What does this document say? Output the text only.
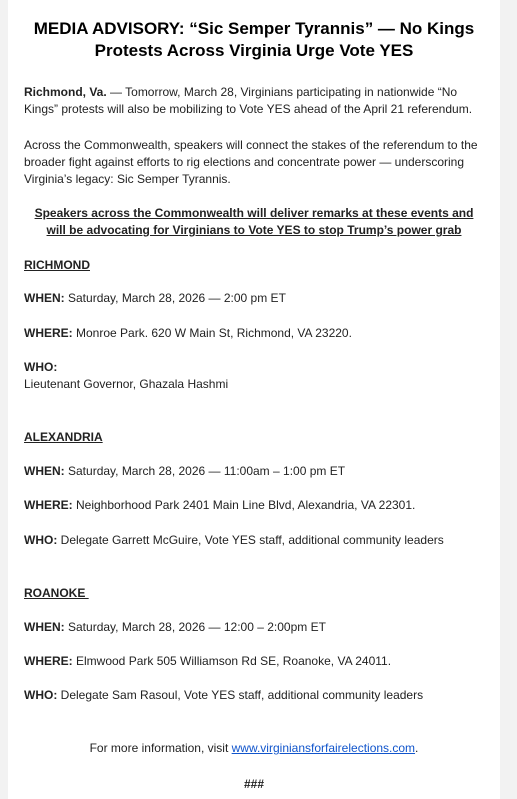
MEDIA ADVISORY: “Sic Semper Tyrannis” — No Kings Protests Across Virginia Urge Vote YES

Richmond, Va. — Tomorrow, March 28, Virginians participating in nationwide “No Kings” protests will also be mobilizing to Vote YES ahead of the April 21 referendum.

Across the Commonwealth, speakers will connect the stakes of the referendum to the broader fight against efforts to rig elections and concentrate power — underscoring Virginia’s legacy: Sic Semper Tyrannis.

Speakers across the Commonwealth will deliver remarks at these events and will be advocating for Virginians to Vote YES to stop Trump’s power grab

RICHMOND

WHEN: Saturday, March 28, 2026 — 2:00 pm ET

WHERE: Monroe Park. 620 W Main St, Richmond, VA 23220.

WHO:

Lieutenant Governor, Ghazala Hashmi

ALEXANDRIA

WHEN: Saturday, March 28, 2026 — 11:00am – 1:00 pm ET

WHERE: Neighborhood Park 2401 Main Line Blvd, Alexandria, VA 22301.

WHO: Delegate Garrett McGuire, Vote YES staff, additional community leaders

ROANOKE

WHEN: Saturday, March 28, 2026 — 12:00 – 2:00pm ET

WHERE: Elmwood Park 505 Williamson Rd SE, Roanoke, VA 24011.

WHO: Delegate Sam Rasoul, Vote YES staff, additional community leaders

For more information, visit www.virginiansforfairelections.com.

###
